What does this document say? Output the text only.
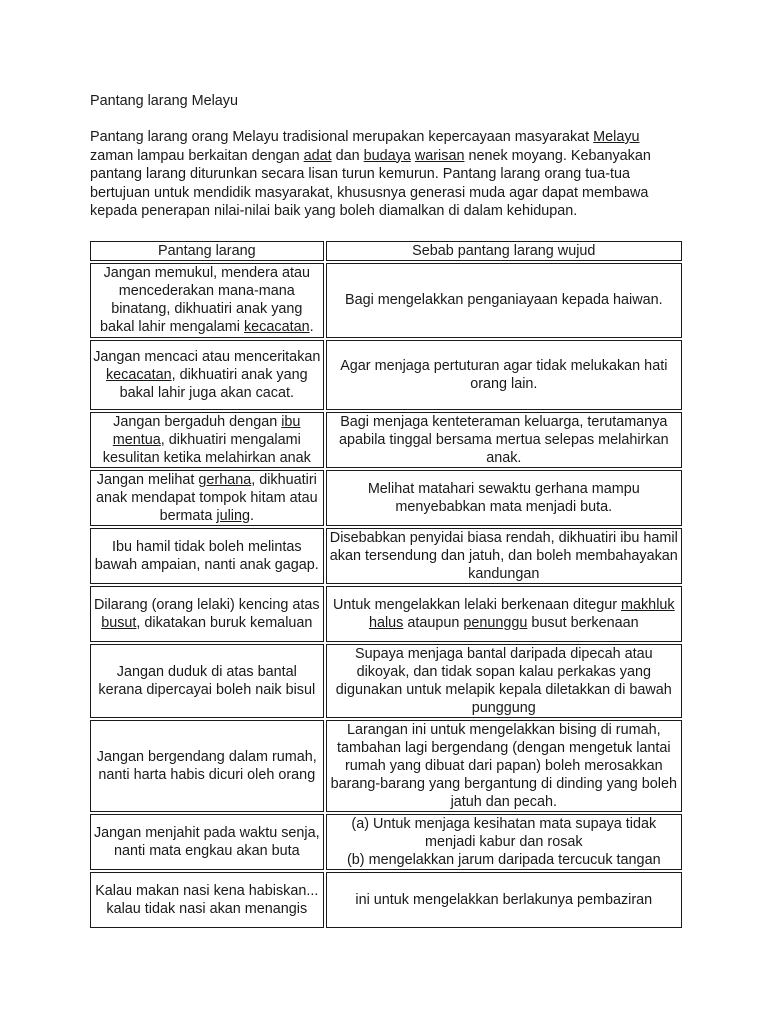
Pantang larang Melayu
Pantang larang orang Melayu tradisional merupakan kepercayaan masyarakat Melayu zaman lampau berkaitan dengan adat dan budaya warisan nenek moyang. Kebanyakan pantang larang diturunkan secara lisan turun kemurun. Pantang larang orang tua-tua bertujuan untuk mendidik masyarakat, khususnya generasi muda agar dapat membawa kepada penerapan nilai-nilai baik yang boleh diamalkan di dalam kehidupan.
Pantang larang	Sebab pantang larang wujud
Jangan memukul, mendera atau mencederakan mana-mana binatang, dikhuatiri anak yang bakal lahir mengalami kecacatan.	Bagi mengelakkan penganiayaan kepada haiwan.
Jangan mencaci atau menceritakan kecacatan, dikhuatiri anak yang bakal lahir juga akan cacat.	Agar menjaga pertuturan agar tidak melukakan hati orang lain.
Jangan bergaduh dengan ibu mentua, dikhuatiri mengalami kesulitan ketika melahirkan anak	Bagi menjaga kenteteraman keluarga, terutamanya apabila tinggal bersama mertua selepas melahirkan anak.
Jangan melihat gerhana, dikhuatiri anak mendapat tompok hitam atau bermata juling.	Melihat matahari sewaktu gerhana mampu menyebabkan mata menjadi buta.
Ibu hamil tidak boleh melintas bawah ampaian, nanti anak gagap.	Disebabkan penyidai biasa rendah, dikhuatiri ibu hamil akan tersendung dan jatuh, dan boleh membahayakan kandungan
Dilarang (orang lelaki) kencing atas busut, dikatakan buruk kemaluan	Untuk mengelakkan lelaki berkenaan ditegur makhluk halus ataupun penunggu busut berkenaan
Jangan duduk di atas bantal kerana dipercayai boleh naik bisul	Supaya menjaga bantal daripada dipecah atau dikoyak, dan tidak sopan kalau perkakas yang digunakan untuk melapik kepala diletakkan di bawah punggung
Jangan bergendang dalam rumah, nanti harta habis dicuri oleh orang	Larangan ini untuk mengelakkan bising di rumah, tambahan lagi bergendang (dengan mengetuk lantai rumah yang dibuat dari papan) boleh merosakkan barang-barang yang bergantung di dinding yang boleh jatuh dan pecah.
Jangan menjahit pada waktu senja, nanti mata engkau akan buta	(a) Untuk menjaga kesihatan mata supaya tidak menjadi kabur dan rosak
(b) mengelakkan jarum daripada tercucuk tangan

Kalau makan nasi kena habiskan... kalau tidak nasi akan menangis	ini untuk mengelakkan berlakunya pembaziran
